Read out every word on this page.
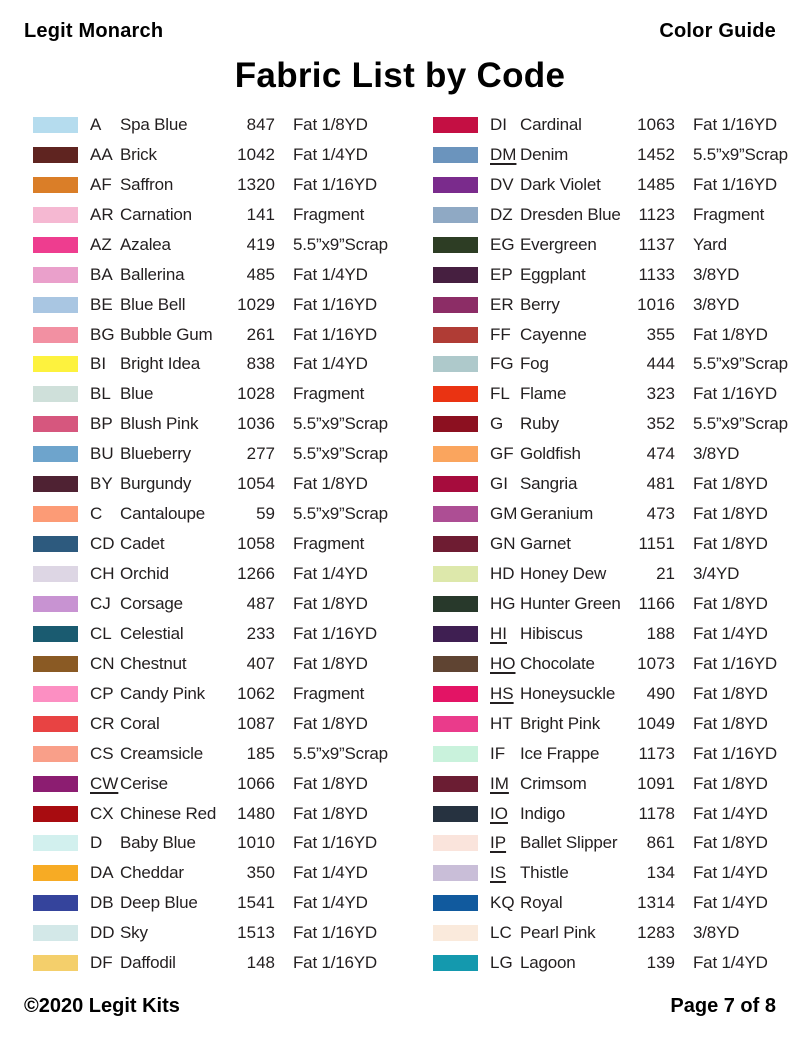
Legit Monarch	Color Guide
Fabric List by Code
A	Spa Blue	847	Fat 1/8YD
AA Brick	1042	Fat 1/4YD
AF Saffron	1320	Fat 1/16YD
AR Carnation	141	Fragment
AZ Azalea	419	5.5”x9”Scrap
BA Ballerina	485	Fat 1/4YD
BE Blue Bell	1029	Fat 1/16YD
BG Bubble Gum	261	Fat 1/16YD
BI Bright Idea	838	Fat 1/4YD
BL Blue	1028	Fragment
BP Blush Pink	1036	5.5”x9”Scrap
BU Blueberry	277	5.5”x9”Scrap
BY Burgundy	1054	Fat 1/8YD
C	Cantaloupe	59	5.5”x9”Scrap
CD Cadet	1058	Fragment
CH Orchid	1266	Fat 1/4YD
CJ Corsage	487	Fat 1/8YD
CL Celestial	233	Fat 1/16YD
CN Chestnut	407	Fat 1/8YD
CP Candy Pink	1062	Fragment
CR Coral	1087	Fat 1/8YD
CS Creamsicle	185	5.5”x9”Scrap
CW Cerise	1066	Fat 1/8YD
CX Chinese Red	1480	Fat 1/8YD
D	Baby Blue	1010	Fat 1/16YD
DA Cheddar	350	Fat 1/4YD
DB Deep Blue	1541	Fat 1/4YD
DD Sky	1513	Fat 1/16YD
DF Daffodil	148	Fat 1/16YD
DI Cardinal	1063	Fat 1/16YD
DM Denim	1452	5.5”x9”Scrap
DV Dark Violet	1485	Fat 1/16YD
DZ Dresden Blue	1123	Fragment
EG Evergreen	1137	Yard
EP Eggplant	1133	3/8YD
ER Berry	1016	3/8YD
FF Cayenne	355	Fat 1/8YD
FG Fog	444	5.5”x9”Scrap
FL Flame	323	Fat 1/16YD
G Ruby	352	5.5”x9”Scrap
GF Goldfish	474	3/8YD
GI Sangria	481	Fat 1/8YD
GM Geranium	473	Fat 1/8YD
GN Garnet	1151	Fat 1/8YD
HD Honey Dew	21	3/4YD
HG Hunter Green	1166	Fat 1/8YD
HI Hibiscus	188	Fat 1/4YD
HO Chocolate	1073	Fat 1/16YD
HS Honeysuckle	490	Fat 1/8YD
HT Bright Pink	1049	Fat 1/8YD
IF Ice Frappe	1173	Fat 1/16YD
IM Crimsom	1091	Fat 1/8YD
IO Indigo	1178	Fat 1/4YD
IP Ballet Slipper	861	Fat 1/8YD
IS Thistle	134	Fat 1/4YD
KQ Royal	1314	Fat 1/4YD
LC Pearl Pink	1283	3/8YD
LG Lagoon	139	Fat 1/4YD
©2020 Legit Kits	Page 7 of 8
